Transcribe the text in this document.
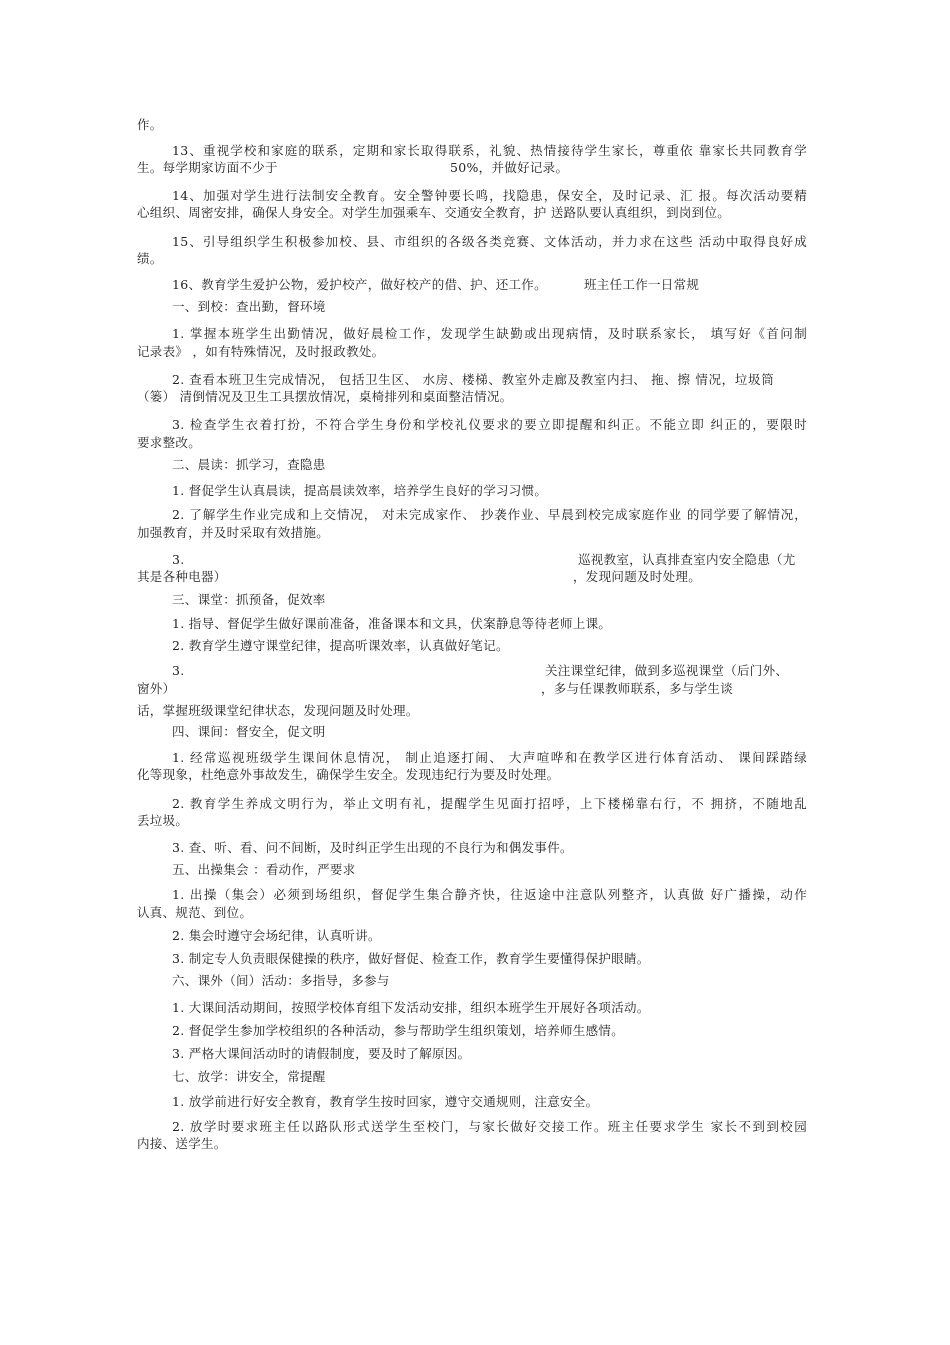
作。
13、重视学校和家庭的联系，定期和家长取得联系，礼貌、热情接待学生家长，尊重依 靠家长共同教育学
生。每学期家访面不少于	50%，并做好记录。
14、加强对学生进行法制安全教育。安全警钟要长鸣，找隐患，保安全，及时记录、汇 报。每次活动要精
心组织、周密安排，确保人身安全。对学生加强乘车、交通安全教育，护 送路队要认真组织，到岗到位。
15、引导组织学生积极参加校、县、市组织的各级各类竞赛、文体活动，并力求在这些 活动中取得良好成
绩。
16、教育学生爱护公物，爱护校产，做好校产的借、护、还工作。	班主任工作一日常规
一、到校：查出勤，督环境
1. 掌握本班学生出勤情况，做好晨检工作，发现学生缺勤或出现病情，及时联系家长， 填写好《首问制
记录表》 ，如有特殊情况，及时报政教处。
2. 查看本班卫生完成情况， 包括卫生区、 水房、楼梯、教室外走廊及教室内扫、 拖、擦 情况，垃圾筒
（篓） 清倒情况及卫生工具摆放情况，桌椅排列和桌面整洁情况。
3. 检查学生衣着打扮，不符合学生身份和学校礼仪要求的要立即提醒和纠正。不能立即 纠正的，要限时
要求整改。
二、晨读：抓学习，查隐患
1. 督促学生认真晨读，提高晨读效率，培养学生良好的学习习惯。
2. 了解学生作业完成和上交情况， 对未完成家作、 抄袭作业、早晨到校完成家庭作业 的同学要了解情况，
加强教育，并及时采取有效措施。
3.	巡视教室，认真排查室内安全隐患（尤
其是各种电器）	，发现问题及时处理。
三、课堂：抓预备，促效率
1. 指导、督促学生做好课前准备，准备课本和文具，伏案静息等待老师上课。
2. 教育学生遵守课堂纪律，提高听课效率，认真做好笔记。
3.	关注课堂纪律，做到多巡视课堂（后门外、
窗外）	，多与任课教师联系，多与学生谈
话，掌握班级课堂纪律状态，发现问题及时处理。
四、课间：督安全，促文明
1. 经常巡视班级学生课间休息情况， 制止追逐打闹、 大声喧哗和在教学区进行体育活动、 课间踩踏绿
化等现象，杜绝意外事故发生，确保学生安全。发现违纪行为要及时处理。
2. 教育学生养成文明行为，举止文明有礼，提醒学生见面打招呼，上下楼梯靠右行，不 拥挤，不随地乱
丢垃圾。
3. 查、听、看、问不间断，及时纠正学生出现的不良行为和偶发事件。
五、出操集会 ：看动作，严要求
1. 出操（集会）必须到场组织，督促学生集合静齐快，往返途中注意队列整齐，认真做 好广播操，动作
认真、规范、到位。
2. 集会时遵守会场纪律，认真听讲。
3. 制定专人负责眼保健操的秩序，做好督促、检查工作，教育学生要懂得保护眼睛。
六、课外（间）活动：多指导，多参与
1. 大课间活动期间，按照学校体育组下发活动安排，组织本班学生开展好各项活动。
2. 督促学生参加学校组织的各种活动，参与帮助学生组织策划，培养师生感情。
3. 严格大课间活动时的请假制度，要及时了解原因。
七、放学：讲安全，常提醒
1. 放学前进行好安全教育，教育学生按时回家，遵守交通规则，注意安全。
2. 放学时要求班主任以路队形式送学生至校门，与家长做好交接工作。班主任要求学生 家长不到到校园
内接、送学生。
